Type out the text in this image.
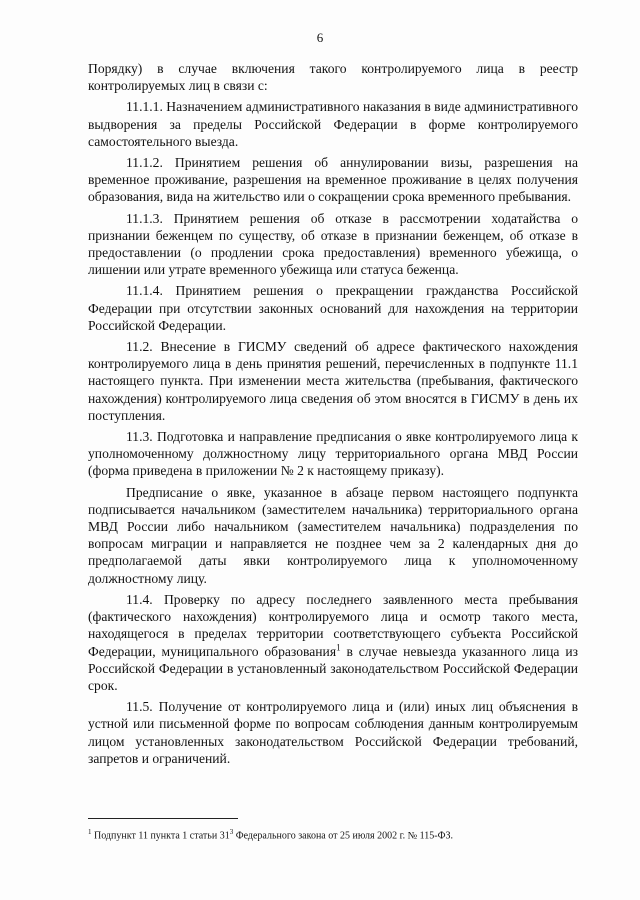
6

Порядку) в случае включения такого контролируемого лица в реестр контролируемых лиц в связи с:

11.1.1. Назначением административного наказания в виде административного выдворения за пределы Российской Федерации в форме контролируемого самостоятельного выезда.

11.1.2. Принятием решения об аннулировании визы, разрешения на временное проживание, разрешения на временное проживание в целях получения образования, вида на жительство или о сокращении срока временного пребывания.

11.1.3. Принятием решения об отказе в рассмотрении ходатайства о признании беженцем по существу, об отказе в признании беженцем, об отказе в предоставлении (о продлении срока предоставления) временного убежища, о лишении или утрате временного убежища или статуса беженца.

11.1.4. Принятием решения о прекращении гражданства Российской Федерации при отсутствии законных оснований для нахождения на территории Российской Федерации.

11.2. Внесение в ГИСМУ сведений об адресе фактического нахождения контролируемого лица в день принятия решений, перечисленных в подпункте 11.1 настоящего пункта. При изменении места жительства (пребывания, фактического нахождения) контролируемого лица сведения об этом вносятся в ГИСМУ в день их поступления.

11.3. Подготовка и направление предписания о явке контролируемого лица к уполномоченному должностному лицу территориального органа МВД России (форма приведена в приложении № 2 к настоящему приказу).

Предписание о явке, указанное в абзаце первом настоящего подпункта подписывается начальником (заместителем начальника) территориального органа МВД России либо начальником (заместителем начальника) подразделения по вопросам миграции и направляется не позднее чем за 2 календарных дня до предполагаемой даты явки контролируемого лица к уполномоченному должностному лицу.

11.4. Проверку по адресу последнего заявленного места пребывания (фактического нахождения) контролируемого лица и осмотр такого места, находящегося в пределах территории соответствующего субъекта Российской Федерации, муниципального образования$^1$ в случае невыезда указанного лица из Российской Федерации в установленный законодательством Российской Федерации срок.

11.5. Получение от контролируемого лица и (или) иных лиц объяснения в устной или письменной форме по вопросам соблюдения данным контролируемым лицом установленных законодательством Российской Федерации требований, запретов и ограничений.

$^1$ Подпункт 11 пункта 1 статьи $31^3$ Федерального закона от 25 июля 2002 г. № 115-ФЗ.
